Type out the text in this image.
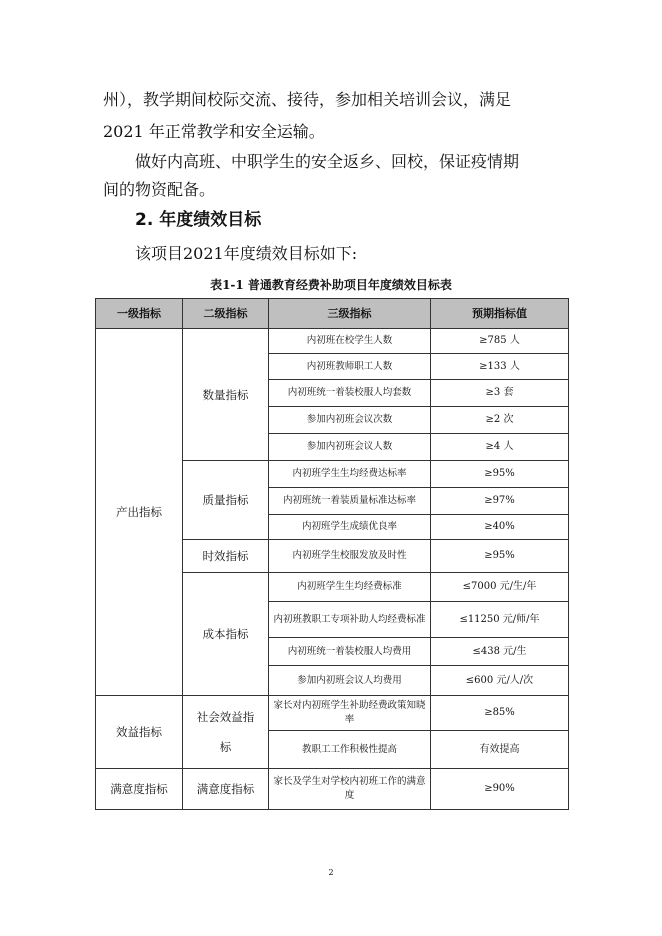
州），教学期间校际交流、接待，参加相关培训会议，满足

2021 年正常教学和安全运输。

做好内高班、中职学生的安全返乡、回校，保证疫情期

间的物资配备。

2. 年度绩效目标

该项目2021年度绩效目标如下:

表1-1 普通教育经费补助项目年度绩效目标表
一级指标	二级指标	三级指标	预期指标值
产出指标	数量指标	内初班在校学生人数	≥785 人
		内初班教师职工人数	≥133 人
		内初班统一着装校服人均套数	≥3 套
		参加内初班会议次数	≥2 次
		参加内初班会议人数	≥4 人
	质量指标	内初班学生生均经费达标率	≥95%
		内初班统一着装质量标准达标率	≥97%
		内初班学生成绩优良率	≥40%
	时效指标	内初班学生校服发放及时性	≥95%
	成本指标	内初班学生生均经费标准	≤7000 元/生/年
		内初班教职工专项补助人均经费标准	≤11250 元/师/年
		内初班统一着装校服人均费用	≤438 元/生
		参加内初班会议人均费用	≤600 元/人/次
效益指标	社会效益指标	家长对内初班学生补助经费政策知晓率	≥85%
		教职工工作积极性提高	有效提高
满意度指标	满意度指标	家长及学生对学校内初班工作的满意度	≥90%
2
